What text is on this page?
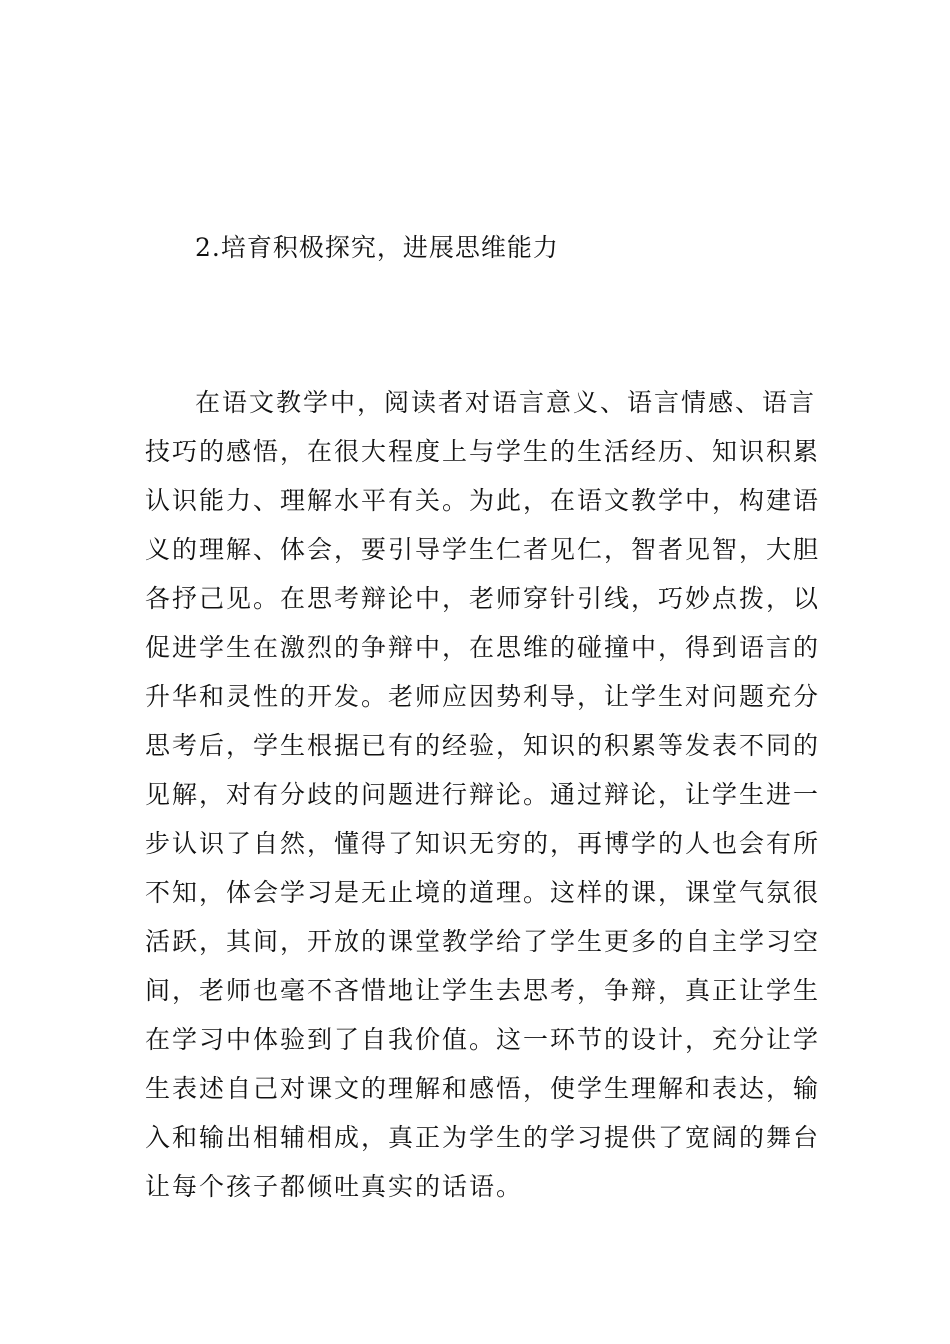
2.培育积极探究，进展思维能力
在语文教学中，阅读者对语言意义、语言情感、语言
技巧的感悟，在很大程度上与学生的生活经历、知识积累
认识能力、理解水平有关。为此，在语文教学中，构建语
义的理解、体会，要引导学生仁者见仁，智者见智，大胆
各抒己见。在思考辩论中，老师穿针引线，巧妙点拨，以
促进学生在激烈的争辩中，在思维的碰撞中，得到语言的
升华和灵性的开发。老师应因势利导，让学生对问题充分
思考后，学生根据已有的经验，知识的积累等发表不同的
见解，对有分歧的问题进行辩论。通过辩论，让学生进一
步认识了自然，懂得了知识无穷的，再博学的人也会有所
不知，体会学习是无止境的道理。这样的课，课堂气氛很
活跃，其间，开放的课堂教学给了学生更多的自主学习空
间，老师也毫不吝惜地让学生去思考，争辩，真正让学生
在学习中体验到了自我价值。这一环节的设计，充分让学
生表述自己对课文的理解和感悟，使学生理解和表达，输
入和输出相辅相成，真正为学生的学习提供了宽阔的舞台
让每个孩子都倾吐真实的话语。
